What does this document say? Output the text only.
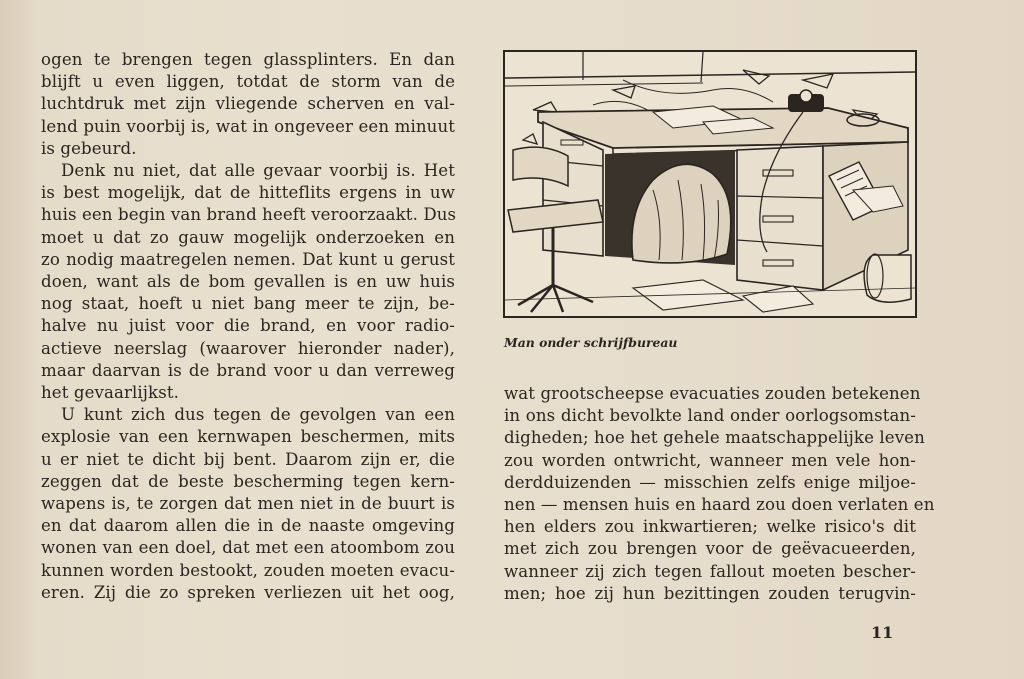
ogen te brengen tegen glassplinters. En dan
blijft u even liggen, totdat de storm van de
luchtdruk met zijn vliegende scherven en val-
lend puin voorbij is, wat in ongeveer een minuut
is gebeurd.
Denk nu niet, dat alle gevaar voorbij is. Het
is best mogelijk, dat de hitteflits ergens in uw
huis een begin van brand heeft veroorzaakt. Dus
moet u dat zo gauw mogelijk onderzoeken en
zo nodig maatregelen nemen. Dat kunt u gerust
doen, want als de bom gevallen is en uw huis
nog staat, hoeft u niet bang meer te zijn, be-
halve nu juist voor die brand, en voor radio-
actieve neerslag (waarover hieronder nader),
maar daarvan is de brand voor u dan verreweg
het gevaarlijkst.
U kunt zich dus tegen de gevolgen van een
explosie van een kernwapen beschermen, mits
u er niet te dicht bij bent. Daarom zijn er, die
zeggen dat de beste bescherming tegen kern-
wapens is, te zorgen dat men niet in de buurt is
en dat daarom allen die in de naaste omgeving
wonen van een doel, dat met een atoombom zou
kunnen worden bestookt, zouden moeten evacu-
eren. Zij die zo spreken verliezen uit het oog,
Man onder schrijfbureau
wat grootscheepse evacuaties zouden betekenen
in ons dicht bevolkte land onder oorlogsomstan-
digheden; hoe het gehele maatschappelijke leven
zou worden ontwricht, wanneer men vele hon-
derdduizenden — misschien zelfs enige miljoe-
nen — mensen huis en haard zou doen verlaten en
hen elders zou inkwartieren; welke risico's dit
met zich zou brengen voor de geëvacueerden,
wanneer zij zich tegen fallout moeten bescher-
men; hoe zij hun bezittingen zouden terugvin-
11
